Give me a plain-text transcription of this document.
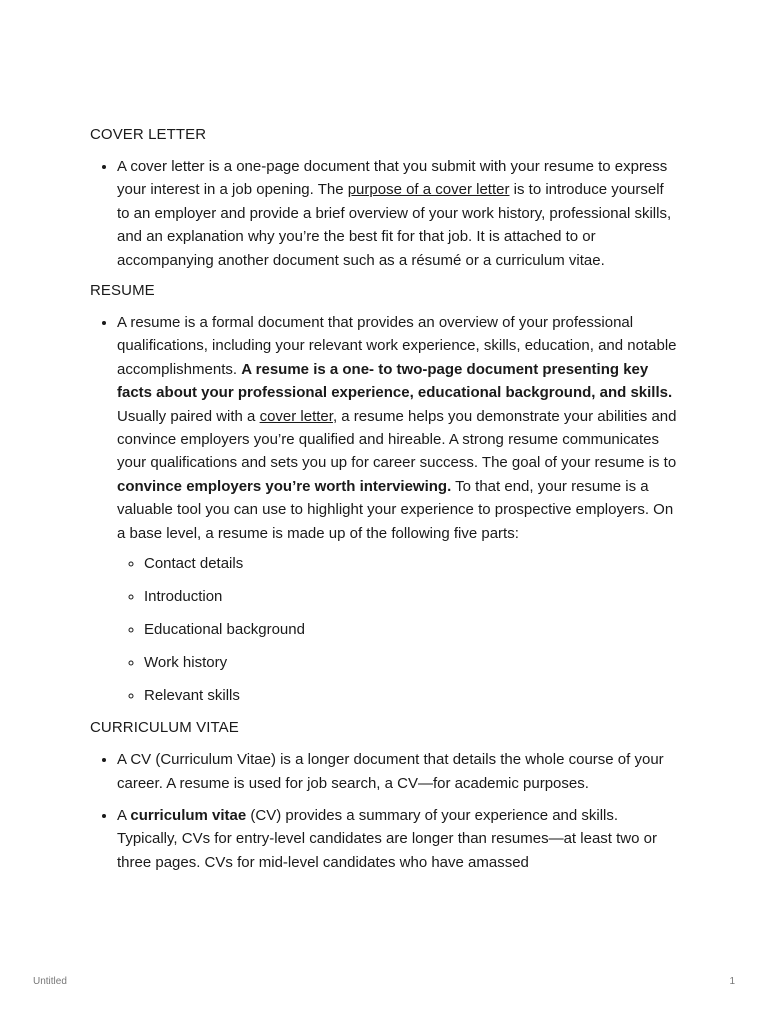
COVER LETTER

• A cover letter is a one-page document that you submit with your resume to express your interest in a job opening. The purpose of a cover letter is to introduce yourself to an employer and provide a brief overview of your work history, professional skills, and an explanation why you’re the best fit for that job. It is attached to or accompanying another document such as a résumé or a curriculum vitae.

RESUME

• A resume is a formal document that provides an overview of your professional qualifications, including your relevant work experience, skills, education, and notable accomplishments. A resume is a one- to two-page document presenting key facts about your professional experience, educational background, and skills. Usually paired with a cover letter, a resume helps you demonstrate your abilities and convince employers you’re qualified and hireable. A strong resume communicates your qualifications and sets you up for career success. The goal of your resume is to convince employers you’re worth interviewing. To that end, your resume is a valuable tool you can use to highlight your experience to prospective employers. On a base level, a resume is made up of the following five parts:
◦ Contact details
◦ Introduction
◦ Educational background
◦ Work history
◦ Relevant skills

CURRICULUM VITAE

• A CV (Curriculum Vitae) is a longer document that details the whole course of your career. A resume is used for job search, a CV—for academic purposes.
• A curriculum vitae (CV) provides a summary of your experience and skills. Typically, CVs for entry-level candidates are longer than resumes—at least two or three pages. CVs for mid-level candidates who have amassed
Untitled	1
